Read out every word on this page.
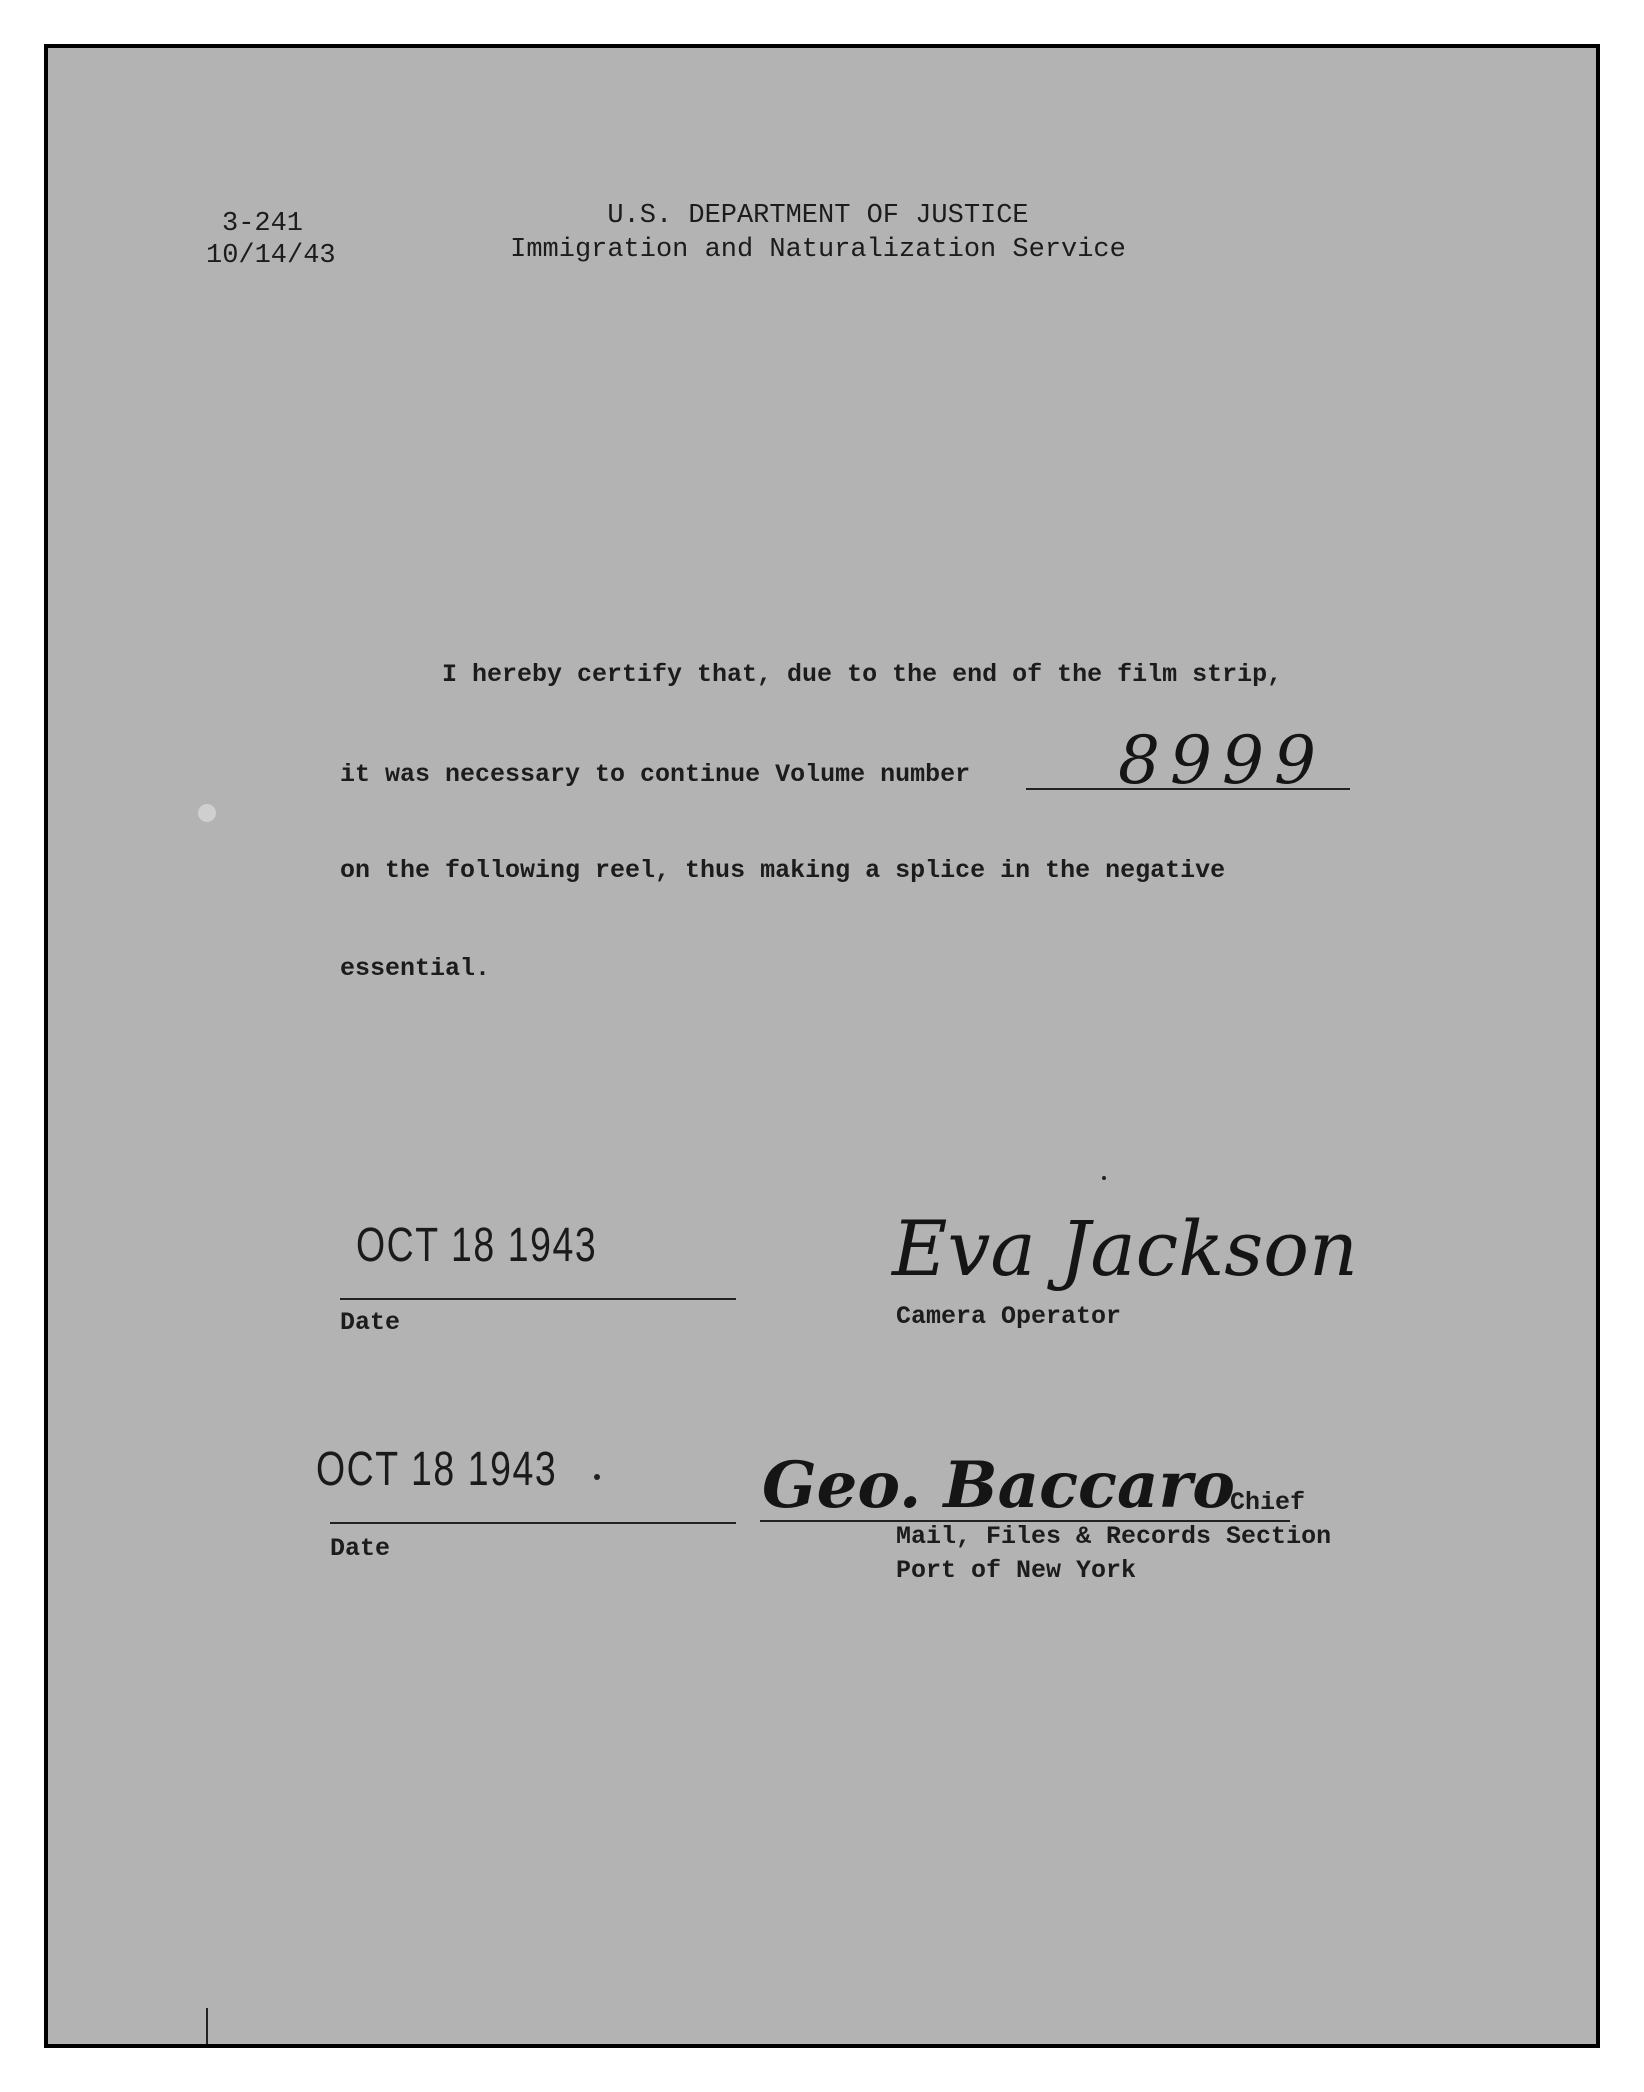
3-241
10/14/43
U.S. DEPARTMENT OF JUSTICE
Immigration and Naturalization Service
I hereby certify that, due to the end of the film strip,
it was necessary to continue Volume number 8999
on the following reel, thus making a splice in the negative
essential.
OCT 18 1943
Date
Eva Jackson
Camera Operator
OCT 18 1943
Date
Geo. Baccaro
Chief
Mail, Files & Records Section
Port of New York
